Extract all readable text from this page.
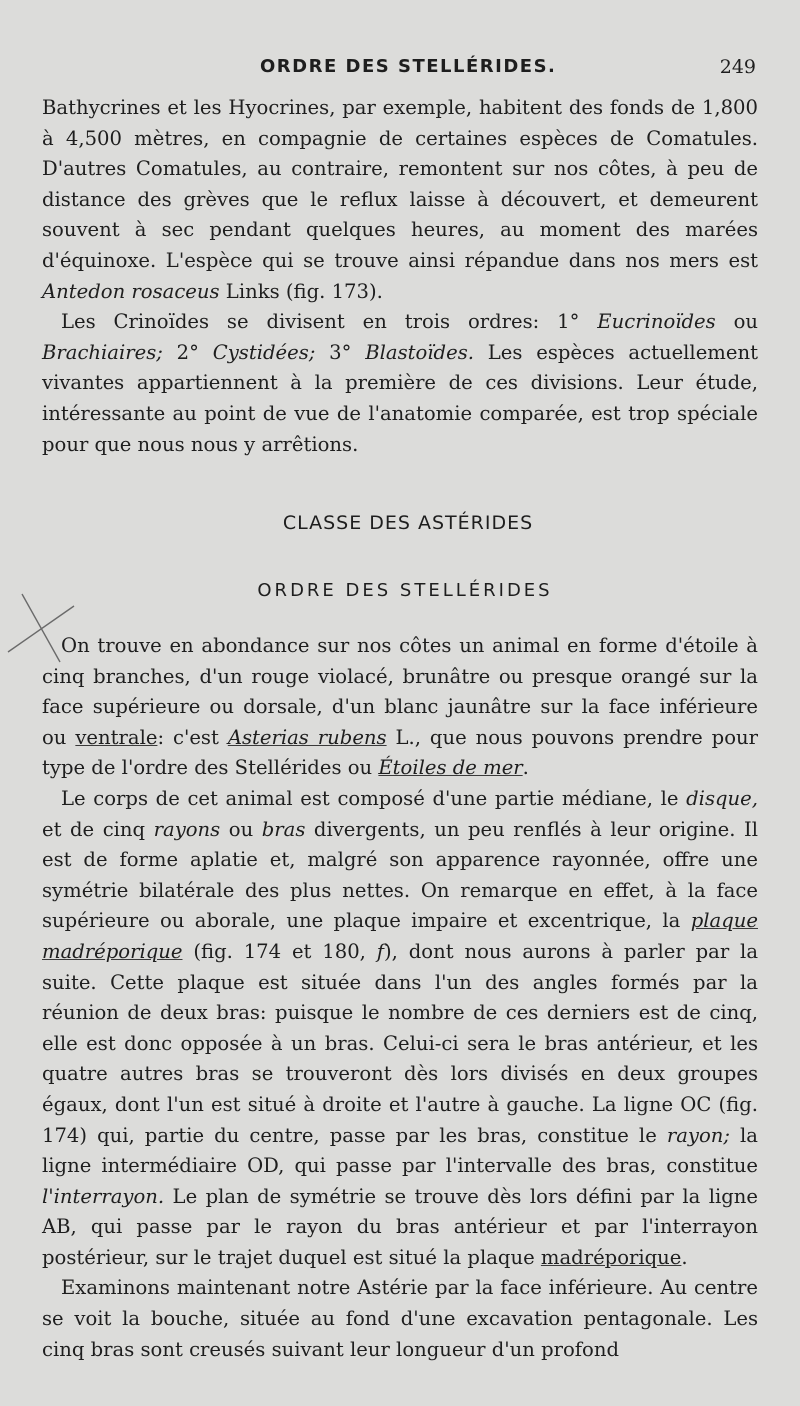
ORDRE DES STELLÉRIDES.	249

Bathycrines et les Hyocrines, par exemple, habitent des fonds de 1,800 à 4,500 mètres, en compagnie de certaines espèces de Comatules. D'autres Comatules, au contraire, remontent sur nos côtes, à peu de distance des grèves que le reflux laisse à découvert, et demeurent souvent à sec pendant quelques heures, au moment des marées d'équinoxe. L'espèce qui se trouve ainsi répandue dans nos mers est Antedon rosaceus Links (fig. 173).

Les Crinoïdes se divisent en trois ordres: 1° Eucrinoïdes ou Brachiaires; 2° Cystidées; 3° Blastoïdes. Les espèces actuellement vivantes appartiennent à la première de ces divisions. Leur étude, intéressante au point de vue de l'anatomie comparée, est trop spéciale pour que nous nous y arrêtions.

CLASSE DES ASTÉRIDES
ORDRE DES STELLÉRIDES

On trouve en abondance sur nos côtes un animal en forme d'étoile à cinq branches, d'un rouge violacé, brunâtre ou presque orangé sur la face supérieure ou dorsale, d'un blanc jaunâtre sur la face inférieure ou ventrale: c'est Asterias rubens L., que nous pouvons prendre pour type de l'ordre des Stellérides ou Étoiles de mer.

Le corps de cet animal est composé d'une partie médiane, le disque, et de cinq rayons ou bras divergents, un peu renflés à leur origine. Il est de forme aplatie et, malgré son apparence rayonnée, offre une symétrie bilatérale des plus nettes. On remarque en effet, à la face supérieure ou aborale, une plaque impaire et excentrique, la plaque madréporique (fig. 174 et 180, f), dont nous aurons à parler par la suite. Cette plaque est située dans l'un des angles formés par la réunion de deux bras: puisque le nombre de ces derniers est de cinq, elle est donc opposée à un bras. Celui-ci sera le bras antérieur, et les quatre autres bras se trouveront dès lors divisés en deux groupes égaux, dont l'un est situé à droite et l'autre à gauche. La ligne OC (fig. 174) qui, partie du centre, passe par les bras, constitue le rayon; la ligne intermédiaire OD, qui passe par l'intervalle des bras, constitue l'interrayon. Le plan de symétrie se trouve dès lors défini par la ligne AB, qui passe par le rayon du bras antérieur et par l'interrayon postérieur, sur le trajet duquel est situé la plaque madréporique.

Examinons maintenant notre Astérie par la face inférieure. Au centre se voit la bouche, située au fond d'une excavation pentagonale. Les cinq bras sont creusés suivant leur longueur d'un profond
